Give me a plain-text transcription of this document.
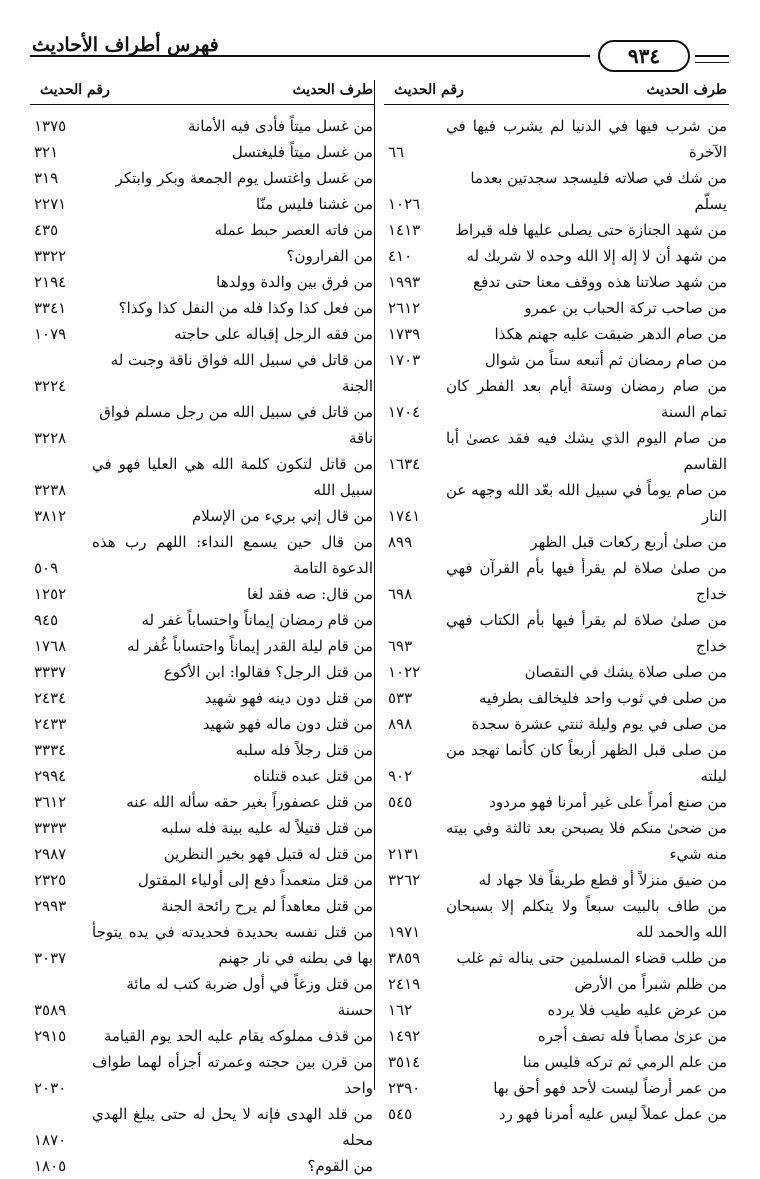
فهرس أطراف الأحاديث	٩٣٤
طرف الحديث
رقم الحديث
من شرب فيها في الدنيا لم يشرب فيها في الآخرة
٦٦
من شك في صلاته فليسجد سجدتين بعدما يسلّم
١٠٢٦
من شهد الجنازة حتى يصلى عليها فله قيراط
١٤١٣
من شهد أن لا إله إلا الله وحده لا شريك له
٤١٠
من شهد صلاتنا هذه ووقف معنا حتى تدفع
١٩٩٣
من صاحب تركة الحباب بن عمرو
٢٦١٢
من صام الدهر ضيقت عليه جهنم هكذا
١٧٣٩
من صام رمضان ثم أتبعه ستاً من شوال
١٧٠٣
من صام رمضان وستة أيام بعد الفطر كان تمام السنة
١٧٠٤
من صام اليوم الذي يشك فيه فقد عصىٰ أبا القاسم
١٦٣٤
من صام يوماً في سبيل الله بعّد الله وجهه عن النار
١٧٤١
من صلىٰ أربع ركعات قبل الظهر
٨٩٩
من صلىٰ صلاة لم يقرأ فيها بأم القرآن فهي خداج
٦٩٨
من صلىٰ صلاة لم يقرأ فيها بأم الكتاب فهي خداج
٦٩٣
من صلى صلاة يشك في النقصان
١٠٢٢
من صلى في ثوب واحد فليخالف بطرفيه
٥٣٣
من صلى في يوم وليلة ثنتي عشرة سجدة
٨٩٨
من صلى قبل الظهر أربعاً كان كأنما تهجد من ليلته
٩٠٢
من صنع أمراً على غير أمرنا فهو مردود
٥٤٥
من ضحىٰ منكم فلا يصبحن بعد ثالثة وفي بيته منه شيء
٢١٣١
من ضيق منزلاً أو قطع طريقاً فلا جهاد له
٣٢٦٢
من طاف بالبيت سبعاً ولا يتكلم إلا بسبحان الله والحمد لله
١٩٧١
من طلب قضاء المسلمين حتى يناله ثم غلب
٣٨٥٩
من ظلم شبراً من الأرض
٢٤١٩
من عرض عليه طيب فلا يرده
١٦٢
من عزىٰ مصاباً فله نصف أجره
١٤٩٢
من علم الرمي ثم تركه فليس منا
٣٥١٤
من عمر أرضاً ليست لأحد فهو أحق بها
٢٣٩٠
من عمل عملاً ليس عليه أمرنا فهو رد
٥٤٥
طرف الحديث
رقم الحديث
من غسل ميتاً فأدى فيه الأمانة
١٣٧٥
من غسل ميتاً فليغتسل
٣٢١
من غسل واغتسل يوم الجمعة وبكر وابتكر
٣١٩
من غشنا فليس منّا
٢٢٧١
من فاته العصر حبط عمله
٤٣٥
من الفرارون؟
٣٣٢٢
من فرق بين والدة وولدها
٢١٩٤
من فعل كذا وكذا فله من النفل كذا وكذا؟
٣٣٤١
من فقه الرجل إقباله على حاجته
١٠٧٩
من قاتل في سبيل الله فواق ناقة وجبت له الجنة
٣٢٢٤
من قاتل في سبيل الله من رجل مسلم فواق ناقة
٣٢٢٨
من قاتل لتكون كلمة الله هي العليا فهو في سبيل الله
٣٢٣٨
من قال إني بريء من الإسلام
٣٨١٢
من قال حين يسمع النداء: اللهم رب هذه الدعوة التامة
٥٠٩
من قال: صه فقد لغا
١٢٥٢
من قام رمضان إيماناً واحتساباً غفر له
٩٤٥
من قام ليلة القدر إيماناً واحتساباً غُفر له
١٧٦٨
من قتل الرجل؟ فقالوا: ابن الأكوع
٣٣٣٧
من قتل دون دينه فهو شهيد
٢٤٣٤
من قتل دون ماله فهو شهيد
٢٤٣٣
من قتل رجلاً فله سلبه
٣٣٣٤
من قتل عبده قتلناه
٢٩٩٤
من قتل عصفوراً بغير حقه سأله الله عنه
٣٦١٢
من قتل قتيلاً له عليه بينة فله سلبه
٣٣٣٣
من قتل له قتيل فهو بخير النظرين
٢٩٨٧
من قتل متعمداً دفع إلى أولياء المقتول
٢٣٢٥
من قتل معاهداً لم يرح رائحة الجنة
٢٩٩٣
من قتل نفسه بحديدة فحديدته في يده يتوجأ بها في بطنه في نار جهنم
٣٠٣٧
من قتل وزغاً في أول ضربة كتب له مائة حسنة
٣٥٨٩
من قذف مملوكه يقام عليه الحد يوم القيامة
٢٩١٥
من قرن بين حجته وعمرته أجزأه لهما طواف واحد
٢٠٣٠
من قلد الهدى فإنه لا يحل له حتى يبلغ الهدي محله
١٨٧٠
من القوم؟
١٨٠٥
